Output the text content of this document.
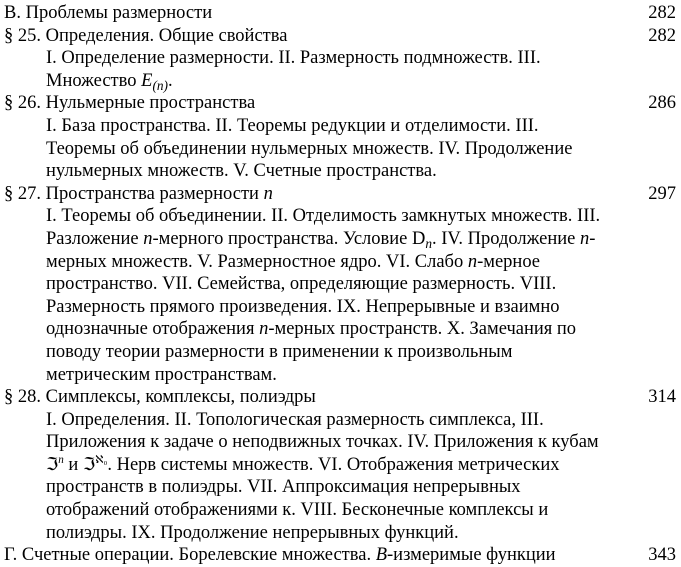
В. Проблемы размерности	282
§ 25. Определения. Общие свойства	282
I. Определение размерности. II. Размерность подмножеств. III.
Множество $E_{(n)}$.
§ 26. Нульмерные пространства	286
I. База пространства. II. Теоремы редукции и отделимости. III.
Теоремы об объединении нульмерных множеств. IV. Продолжение
нульмерных множеств. V. Счетные пространства.
§ 27. Пространства размерности n	297
I. Теоремы об объединении. II. Отделимость замкнутых множеств. III.
Разложение n-мерного пространства. Условие $D_n$. IV. Продолжение n-
мерных множеств. V. Размерностное ядро. VI. Слабо n-мерное
пространство. VII. Семейства, определяющие размерность. VIII.
Размерность прямого произведения. IX. Непрерывные и взаимно
однозначные отображения n-мерных пространств. X. Замечания по
поводу теории размерности в применении к произвольным
метрическим пространствам.
§ 28. Симплексы, комплексы, полиэдры	314
I. Определения. II. Топологическая размерность симплекса, III.
Приложения к задаче о неподвижных точках. IV. Приложения к кубам
ℑ$^n$ и ℑ$^{ℵ_0}$. Нерв системы множеств. VI. Отображения метрических
пространств в полиэдры. VII. Аппроксимация непрерывных
отображений отображениями к. VIII. Бесконечные комплексы и
полиэдры. IX. Продолжение непрерывных функций.
Г. Счетные операции. Борелевские множества. B-измеримые функции	343
